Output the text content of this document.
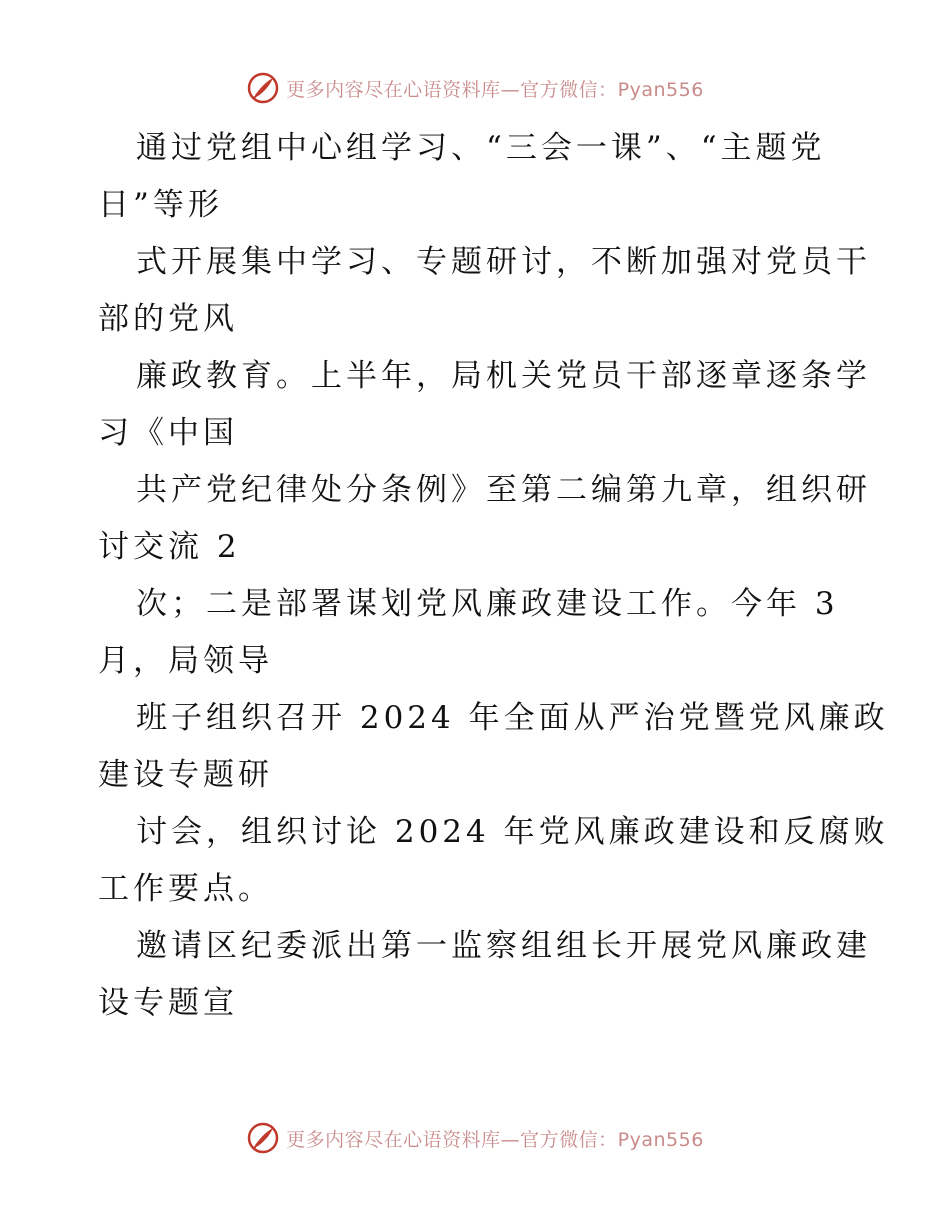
更多内容尽在心语资料库—官方微信：Pyan556
通过党组中心组学习、“三会一课”、“主题党
日”等形
式开展集中学习、专题研讨，不断加强对党员干
部的党风
廉政教育。上半年，局机关党员干部逐章逐条学
习《中国
共产党纪律处分条例》至第二编第九章，组织研
讨交流 2
次；二是部署谋划党风廉政建设工作。今年 3
月，局领导
班子组织召开 2024 年全面从严治党暨党风廉政
建设专题研
讨会，组织讨论 2024 年党风廉政建设和反腐败
工作要点。
邀请区纪委派出第一监察组组长开展党风廉政建
设专题宣
更多内容尽在心语资料库—官方微信：Pyan556
